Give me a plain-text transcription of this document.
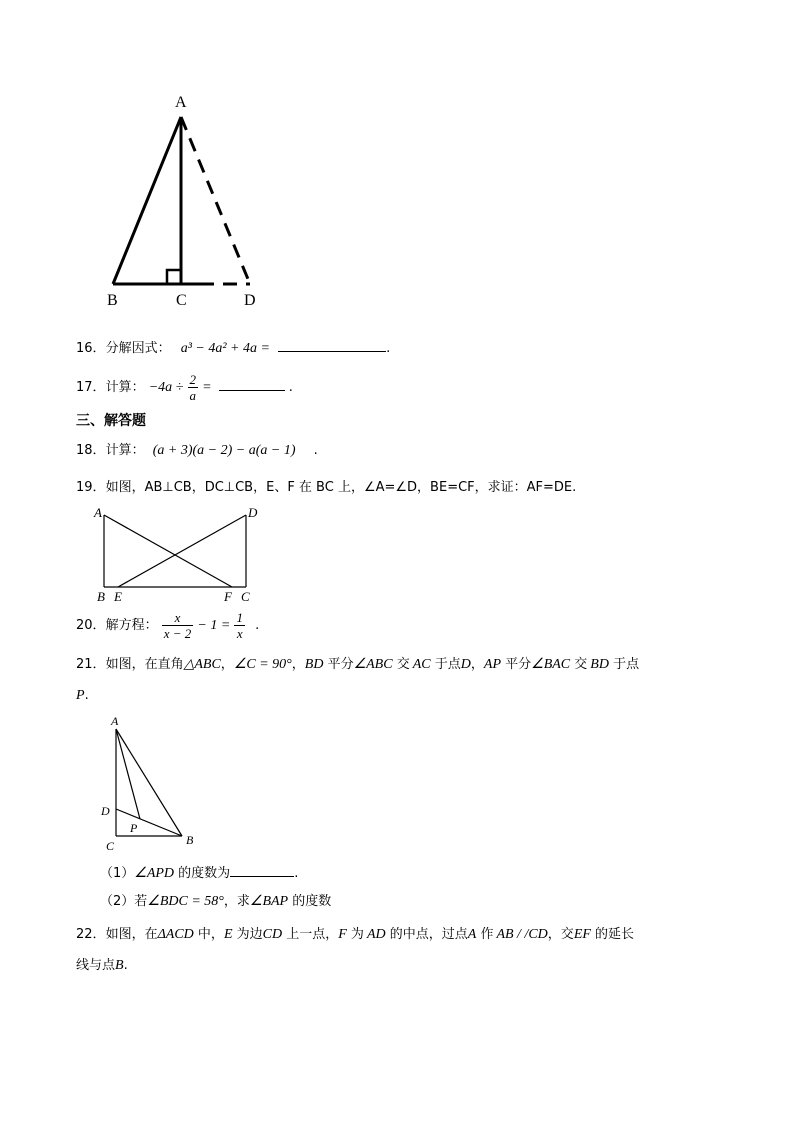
A
B	C	D
16．分解因式： a³ − 4a² + 4a =	.
17．计算： $-4a \div \frac{2}{a}$ =	.
三、解答题
18．计算： (a + 3)(a − 2) − a(a − 1) .
19．如图，AB⊥CB，DC⊥CB，E、F 在 BC 上，∠A=∠D，BE=CF，求证：AF=DE.
A	D
B E	F C
20．解方程： $\frac{x}{x - 2} - 1 = \frac{1}{x}$ .
21．如图，在直角△ABC，∠C = 90°，BD 平分∠ABC 交 AC 于点D，AP 平分∠BAC 交 BD 于点
P.
A
D
P
C	B
（1）∠APD 的度数为	.
（2）若∠BDC = 58°，求∠BAP 的度数
22．如图，在ΔACD 中，E 为边CD 上一点，F 为 AD 的中点，过点A 作 AB / /CD，交EF 的延长
线与点B.
